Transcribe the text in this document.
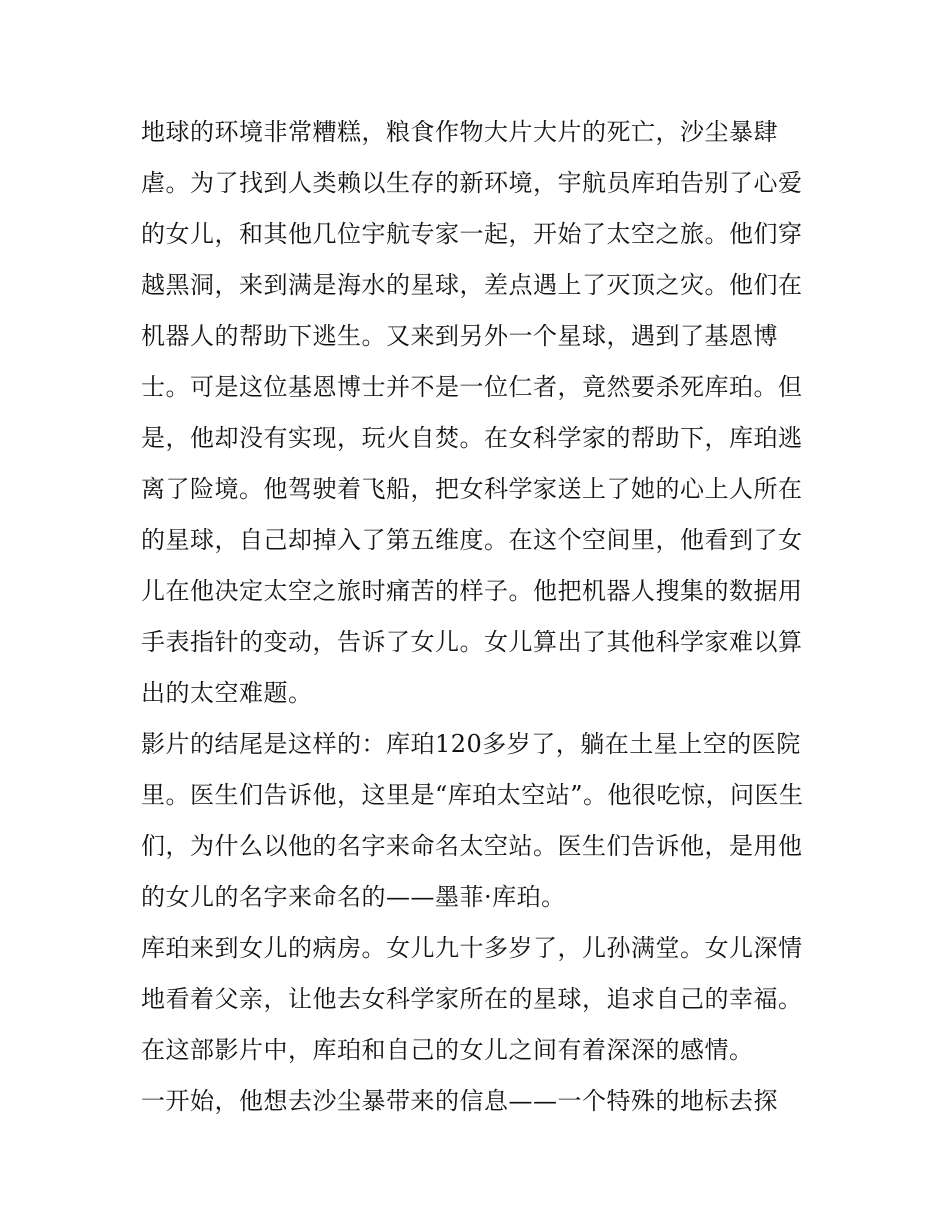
地球的环境非常糟糕，粮食作物大片大片的死亡，沙尘暴肆
虐。为了找到人类赖以生存的新环境，宇航员库珀告别了心爱
的女儿，和其他几位宇航专家一起，开始了太空之旅。他们穿
越黑洞，来到满是海水的星球，差点遇上了灭顶之灾。他们在
机器人的帮助下逃生。又来到另外一个星球，遇到了基恩博
士。可是这位基恩博士并不是一位仁者，竟然要杀死库珀。但
是，他却没有实现，玩火自焚。在女科学家的帮助下，库珀逃
离了险境。他驾驶着飞船，把女科学家送上了她的心上人所在
的星球，自己却掉入了第五维度。在这个空间里，他看到了女
儿在他决定太空之旅时痛苦的样子。他把机器人搜集的数据用
手表指针的变动，告诉了女儿。女儿算出了其他科学家难以算
出的太空难题。
影片的结尾是这样的：库珀120多岁了，躺在土星上空的医院
里。医生们告诉他，这里是“库珀太空站”。他很吃惊，问医生
们，为什么以他的名字来命名太空站。医生们告诉他，是用他
的女儿的名字来命名的——墨菲·库珀。
库珀来到女儿的病房。女儿九十多岁了，儿孙满堂。女儿深情
地看着父亲，让他去女科学家所在的星球，追求自己的幸福。
在这部影片中，库珀和自己的女儿之间有着深深的感情。
一开始，他想去沙尘暴带来的信息——一个特殊的地标去探
